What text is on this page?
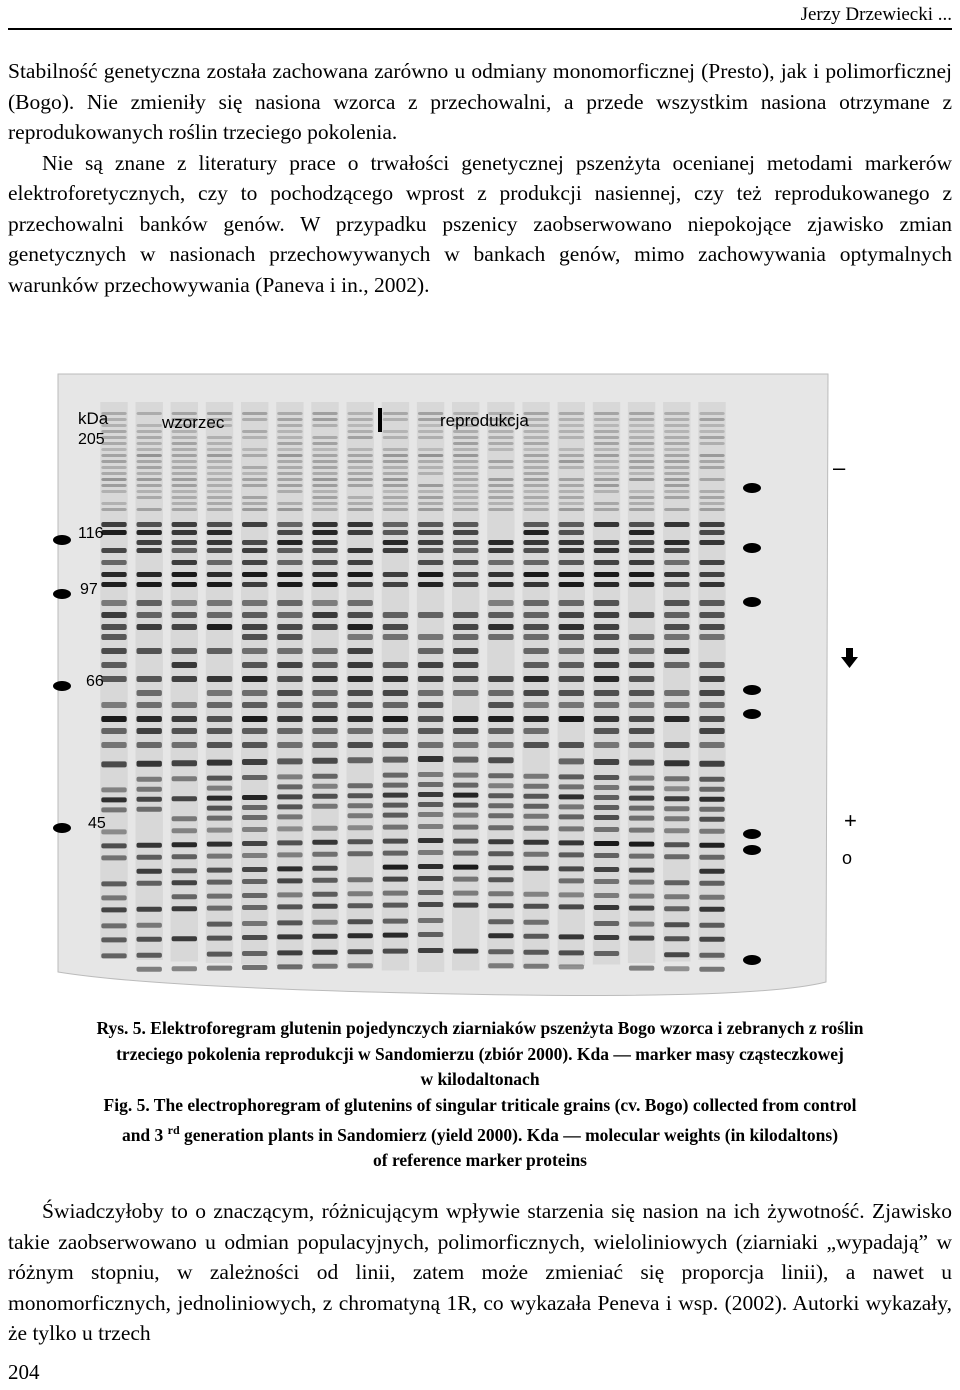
Jerzy Drzewiecki ...

Stabilność genetyczna została zachowana zarówno u odmiany monomorficznej (Presto), jak i polimorficznej (Bogo). Nie zmieniły się nasiona wzorca z przechowalni, a przede wszystkim nasiona otrzymane z reprodukowanych roślin trzeciego pokolenia.
Nie są znane z literatury prace o trwałości genetycznej pszenżyta ocenianej metodami markerów elektroforetycznych, czy to pochodzącego wprost z produkcji nasiennej, czy też reprodukowanego z przechowalni banków genów. W przypadku pszenicy zaobserwowano niepokojące zjawisko zmian genetycznych w nasionach przechowywanych w bankach genów, mimo zachowywania optymalnych warunków przechowywania (Paneva i in., 2002).

kDa
205
116
97
66
45
wzorzec	reprodukcja
–
+
o
Rys. 5. Elektroforegram glutenin pojedynczych ziarniaków pszenżyta Bogo wzorca i zebranych z roślin
trzeciego pokolenia reprodukcji w Sandomierzu (zbiór 2000). Kda — marker masy cząsteczkowej
w kilodaltonach
Fig. 5. The electrophoregram of glutenins of singular triticale grains (cv. Bogo) collected from control
and 3 $^{rd}$ generation plants in Sandomierz (yield 2000). Kda — molecular weights (in kilodaltons)
of reference marker proteins

Świadczyłoby to o znaczącym, różnicującym wpływie starzenia się nasion na ich żywotność. Zjawisko takie zaobserwowano u odmian populacyjnych, polimorficznych, wieloliniowych (ziarniaki „wypadają” w różnym stopniu, w zależności od linii, zatem może zmieniać się proporcja linii), a nawet u monomorficznych, jednoliniowych, z chromatyną 1R, co wykazała Peneva i wsp. (2002). Autorki wykazały, że tylko u trzech

204
